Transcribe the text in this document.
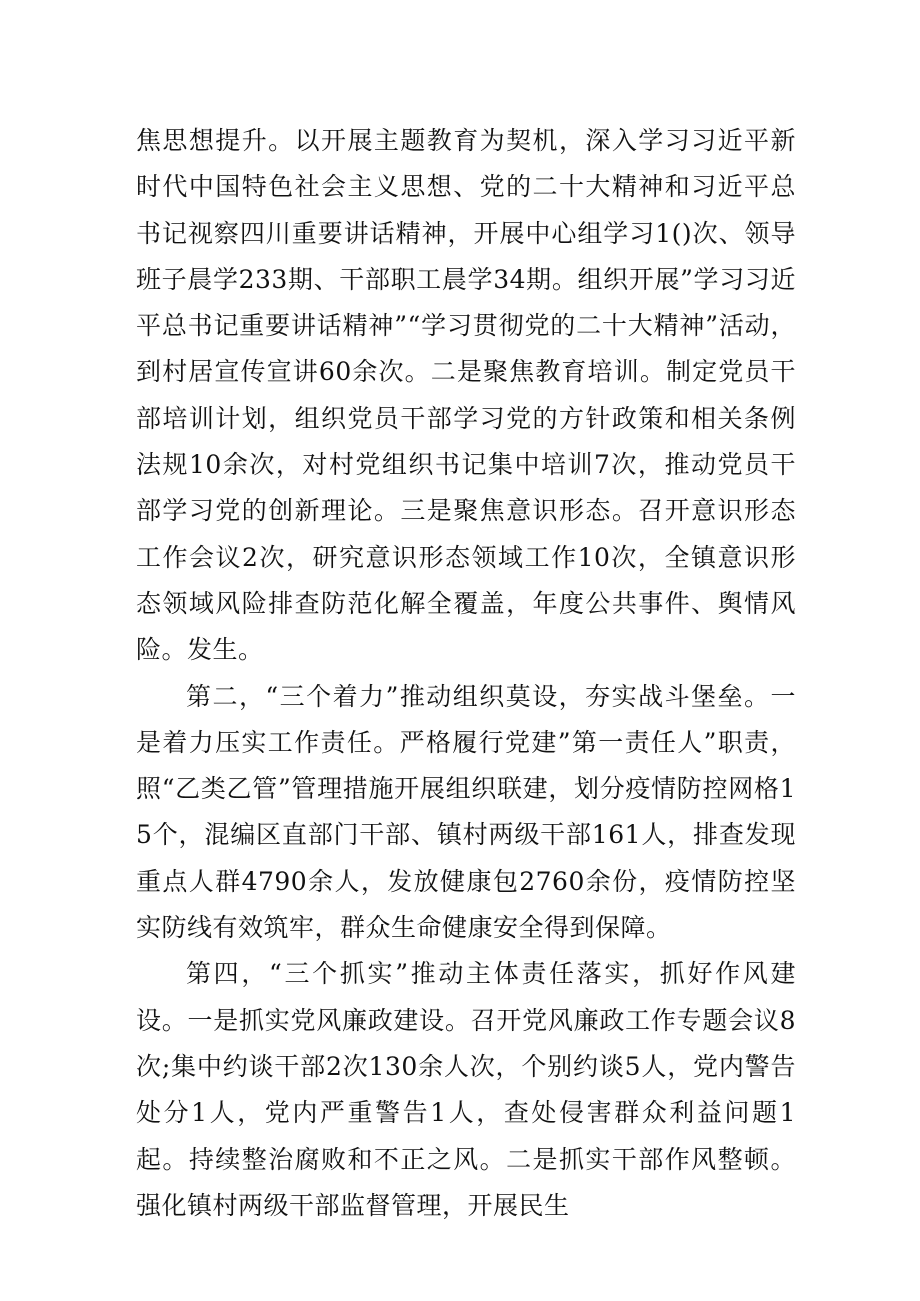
焦思想提升。以开展主题教育为契机，深入学习习近平新时代中国特色社会主义思想、党的二十大精神和习近平总书记视察四川重要讲话精神，开展中心组学习1()次、领导班子晨学233期、干部职工晨学34期。组织开展”学习习近平总书记重要讲话精神”“学习贯彻党的二十大精神”活动，到村居宣传宣讲60余次。二是聚焦教育培训。制定党员干部培训计划，组织党员干部学习党的方针政策和相关条例法规10余次，对村党组织书记集中培训7次，推动党员干部学习党的创新理论。三是聚焦意识形态。召开意识形态工作会议2次，研究意识形态领域工作10次，全镇意识形态领域风险排查防范化解全覆盖，年度公共事件、舆情风险。发生。

第二，“三个着力”推动组织莫设，夯实战斗堡垒。一是着力压实工作责任。严格履行党建”第一责任人”职责，照“乙类乙管”管理措施开展组织联建，划分疫情防控网格15个，混编区直部门干部、镇村两级干部161人，排查发现重点人群4790余人，发放健康包2760余份，疫情防控坚实防线有效筑牢，群众生命健康安全得到保障。

第四，“三个抓实”推动主体责任落实，抓好作风建设。一是抓实党风廉政建设。召开党风廉政工作专题会议8次;集中约谈干部2次130余人次，个别约谈5人，党内警告处分1人，党内严重警告1人，查处侵害群众利益问题1起。持续整治腐败和不正之风。二是抓实干部作风整顿。强化镇村两级干部监督管理，开展民生
